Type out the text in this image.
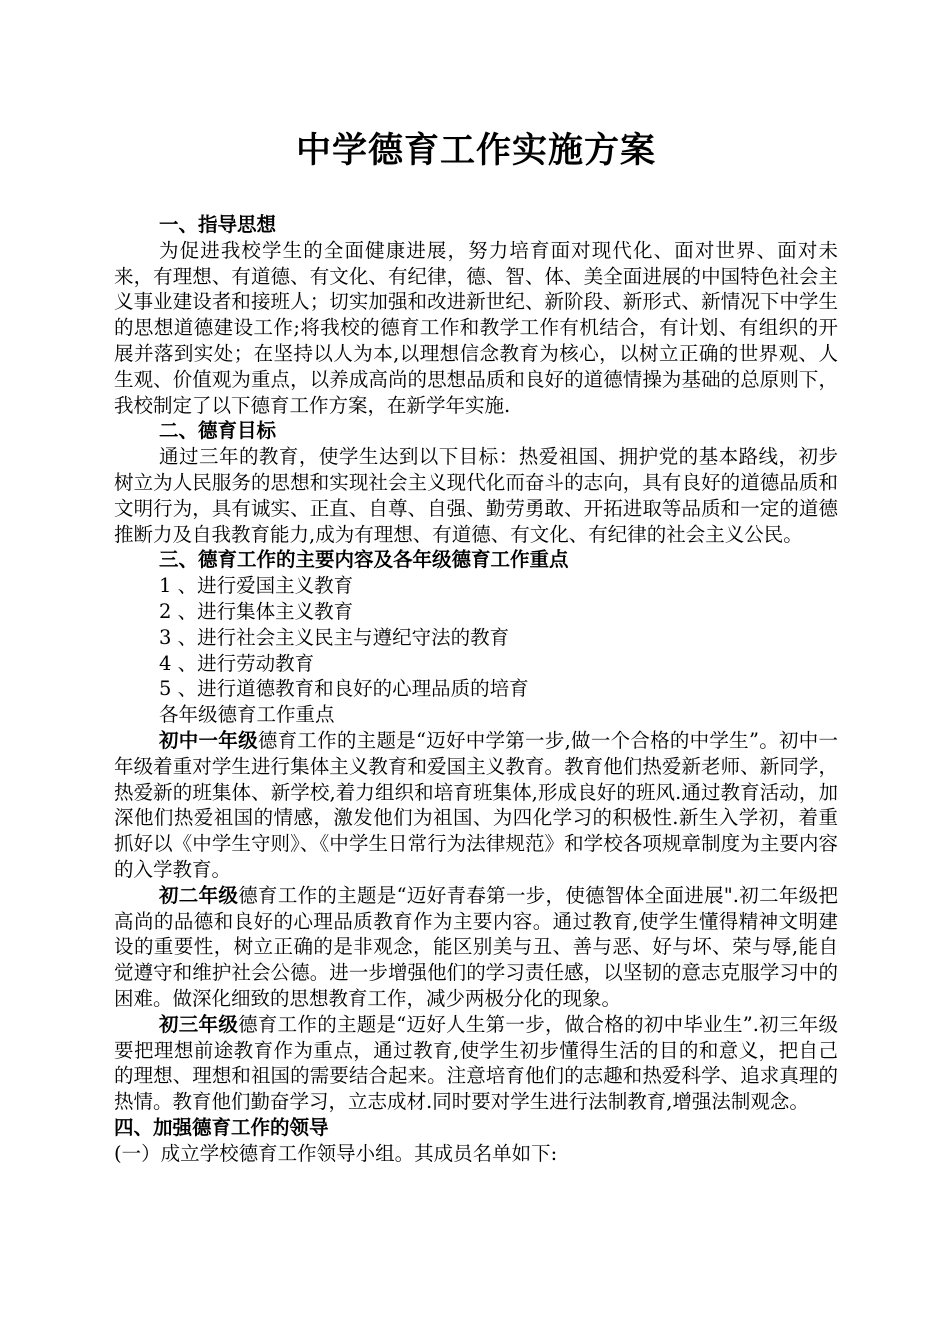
中学德育工作实施方案

一、指导思想

为促进我校学生的全面健康进展，努力培育面对现代化、面对世界、面对未来，有理想、有道德、有文化、有纪律，德、智、体、美全面进展的中国特色社会主义事业建设者和接班人；切实加强和改进新世纪、新阶段、新形式、新情况下中学生的思想道德建设工作;将我校的德育工作和教学工作有机结合，有计划、有组织的开展并落到实处；在坚持以人为本,以理想信念教育为核心，以树立正确的世界观、人生观、价值观为重点，以养成高尚的思想品质和良好的道德情操为基础的总原则下，我校制定了以下德育工作方案，在新学年实施.

二、德育目标

通过三年的教育，使学生达到以下目标：热爱祖国、拥护党的基本路线，初步树立为人民服务的思想和实现社会主义现代化而奋斗的志向，具有良好的道德品质和文明行为，具有诚实、正直、自尊、自强、勤劳勇敢、开拓进取等品质和一定的道德推断力及自我教育能力,成为有理想、有道德、有文化、有纪律的社会主义公民。

三、德育工作的主要内容及各年级德育工作重点

1 、进行爱国主义教育

2 、进行集体主义教育

3 、进行社会主义民主与遵纪守法的教育

4 、进行劳动教育

5 、进行道德教育和良好的心理品质的培育

各年级德育工作重点

初中一年级德育工作的主题是“迈好中学第一步,做一个合格的中学生”。初中一年级着重对学生进行集体主义教育和爱国主义教育。教育他们热爱新老师、新同学，热爱新的班集体、新学校,着力组织和培育班集体,形成良好的班风.通过教育活动，加深他们热爱祖国的情感，激发他们为祖国、为四化学习的积极性.新生入学初，着重抓好以《中学生守则》、《中学生日常行为法律规范》和学校各项规章制度为主要内容的入学教育。

初二年级德育工作的主题是“迈好青春第一步，使德智体全面进展".初二年级把高尚的品德和良好的心理品质教育作为主要内容。通过教育,使学生懂得精神文明建设的重要性，树立正确的是非观念，能区别美与丑、善与恶、好与坏、荣与辱,能自觉遵守和维护社会公德。进一步增强他们的学习责任感，以坚韧的意志克服学习中的困难。做深化细致的思想教育工作，减少两极分化的现象。

初三年级德育工作的主题是“迈好人生第一步，做合格的初中毕业生”.初三年级要把理想前途教育作为重点，通过教育,使学生初步懂得生活的目的和意义，把自己的理想、理想和祖国的需要结合起来。注意培育他们的志趣和热爱科学、追求真理的热情。教育他们勤奋学习，立志成材.同时要对学生进行法制教育,增强法制观念。

四、加强德育工作的领导

(一）成立学校德育工作领导小组。其成员名单如下:
